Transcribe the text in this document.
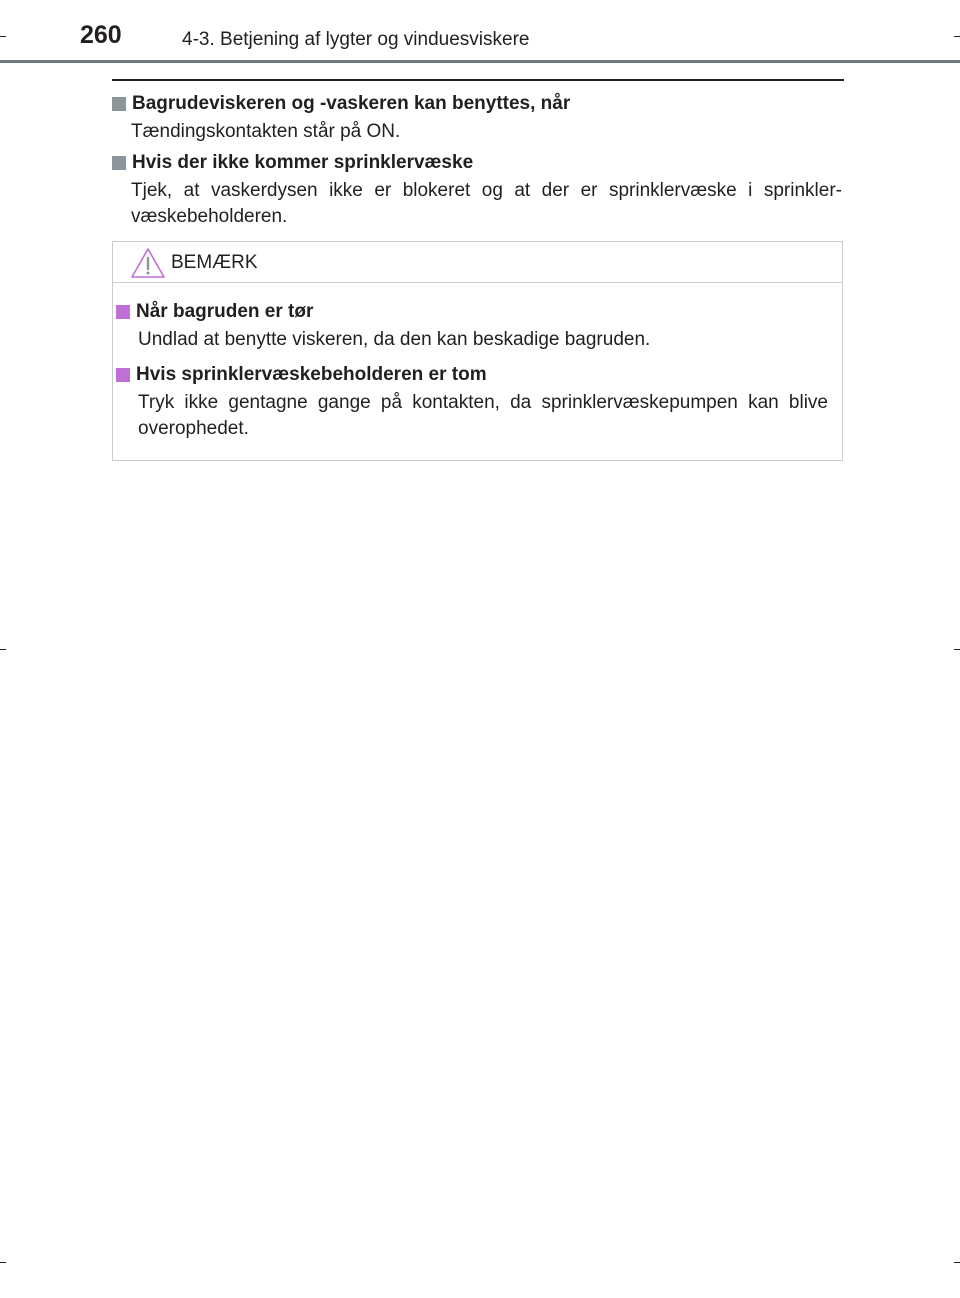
260	4-3. Betjening af lygter og vinduesviskere
Bagrudeviskeren og -vaskeren kan benyttes, når
Tændingskontakten står på ON.
Hvis der ikke kommer sprinklervæske
Tjek, at vaskerdysen ikke er blokeret og at der er sprinklervæske i sprinkler-væskebeholderen.
BEMÆRK
Når bagruden er tør
Undlad at benytte viskeren, da den kan beskadige bagruden.
Hvis sprinklervæskebeholderen er tom
Tryk ikke gentagne gange på kontakten, da sprinklervæskepumpen kan blive overophedet.
